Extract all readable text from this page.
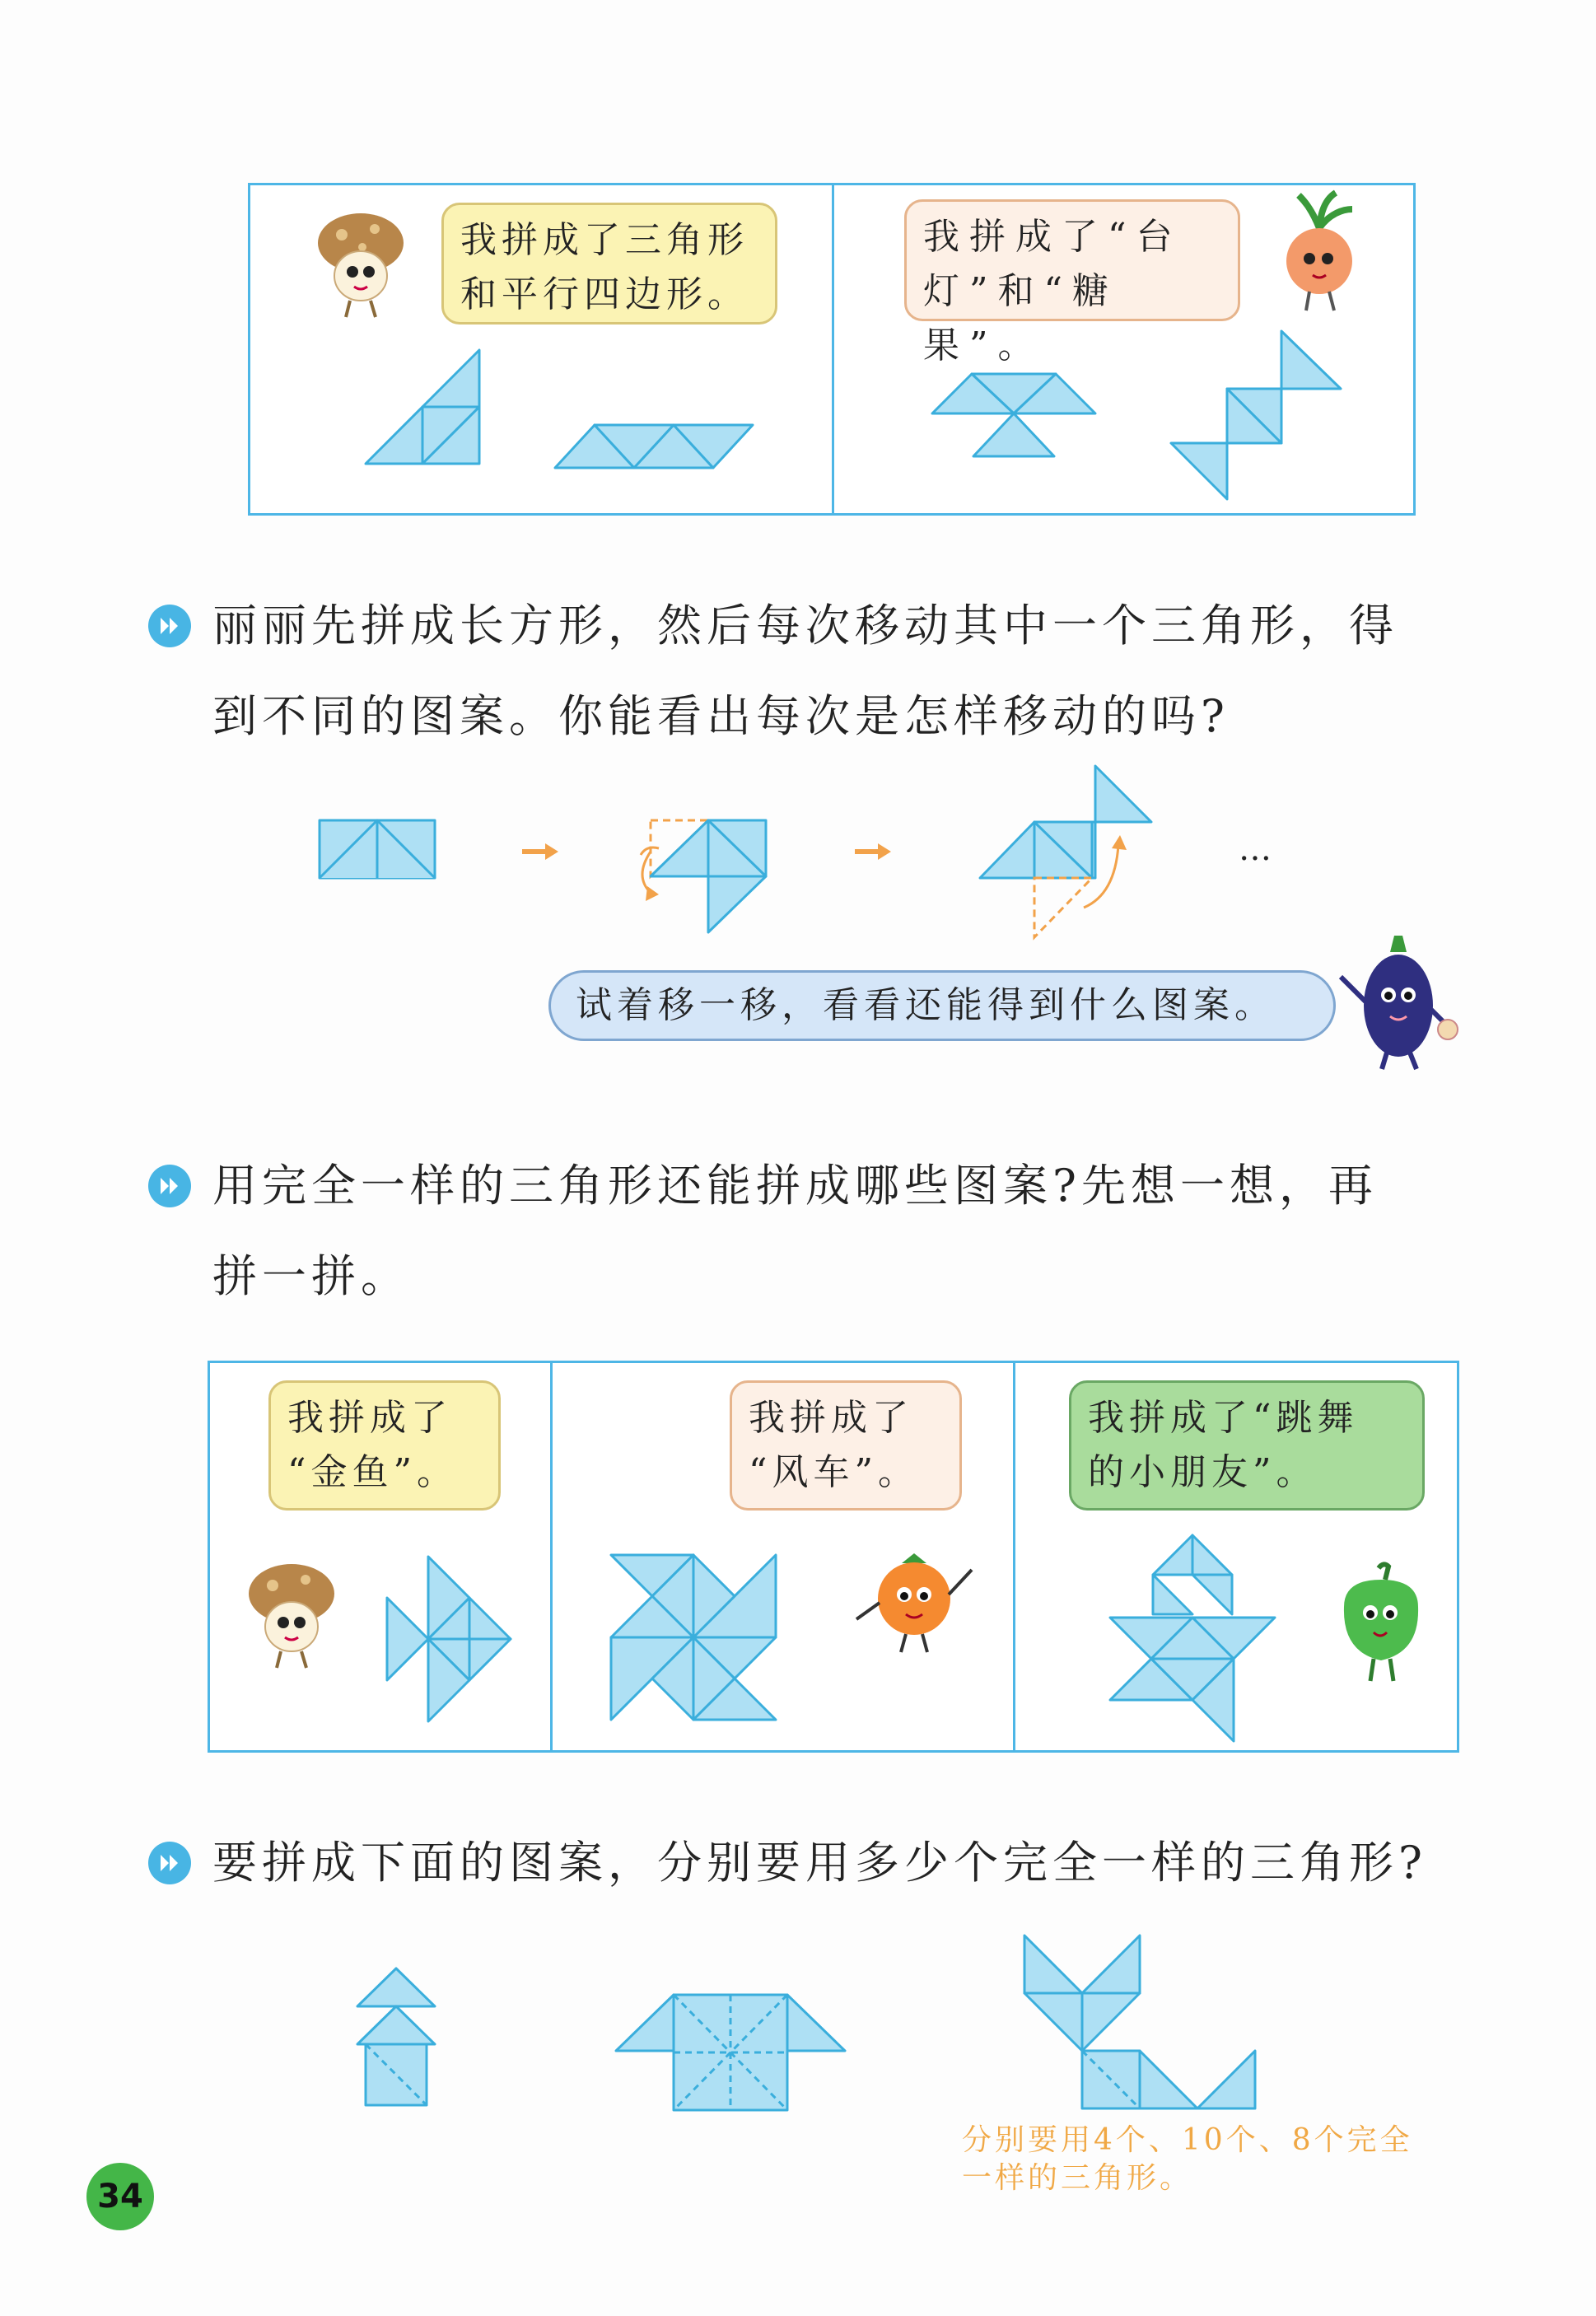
我拼成了三角形
和平行四边形。
我拼成了“台
灯”和“糖果”。
丽丽先拼成长方形，然后每次移动其中一个三角形，得
到不同的图案。你能看出每次是怎样移动的吗?
…
试着移一移，看看还能得到什么图案。
用完全一样的三角形还能拼成哪些图案?先想一想，再
拼一拼。
我拼成了
“金鱼”。
我拼成了
“风车”。
我拼成了“跳舞
的小朋友”。
要拼成下面的图案，分别要用多少个完全一样的三角形?
分别要用4个、10个、8个完全
一样的三角形。
34
